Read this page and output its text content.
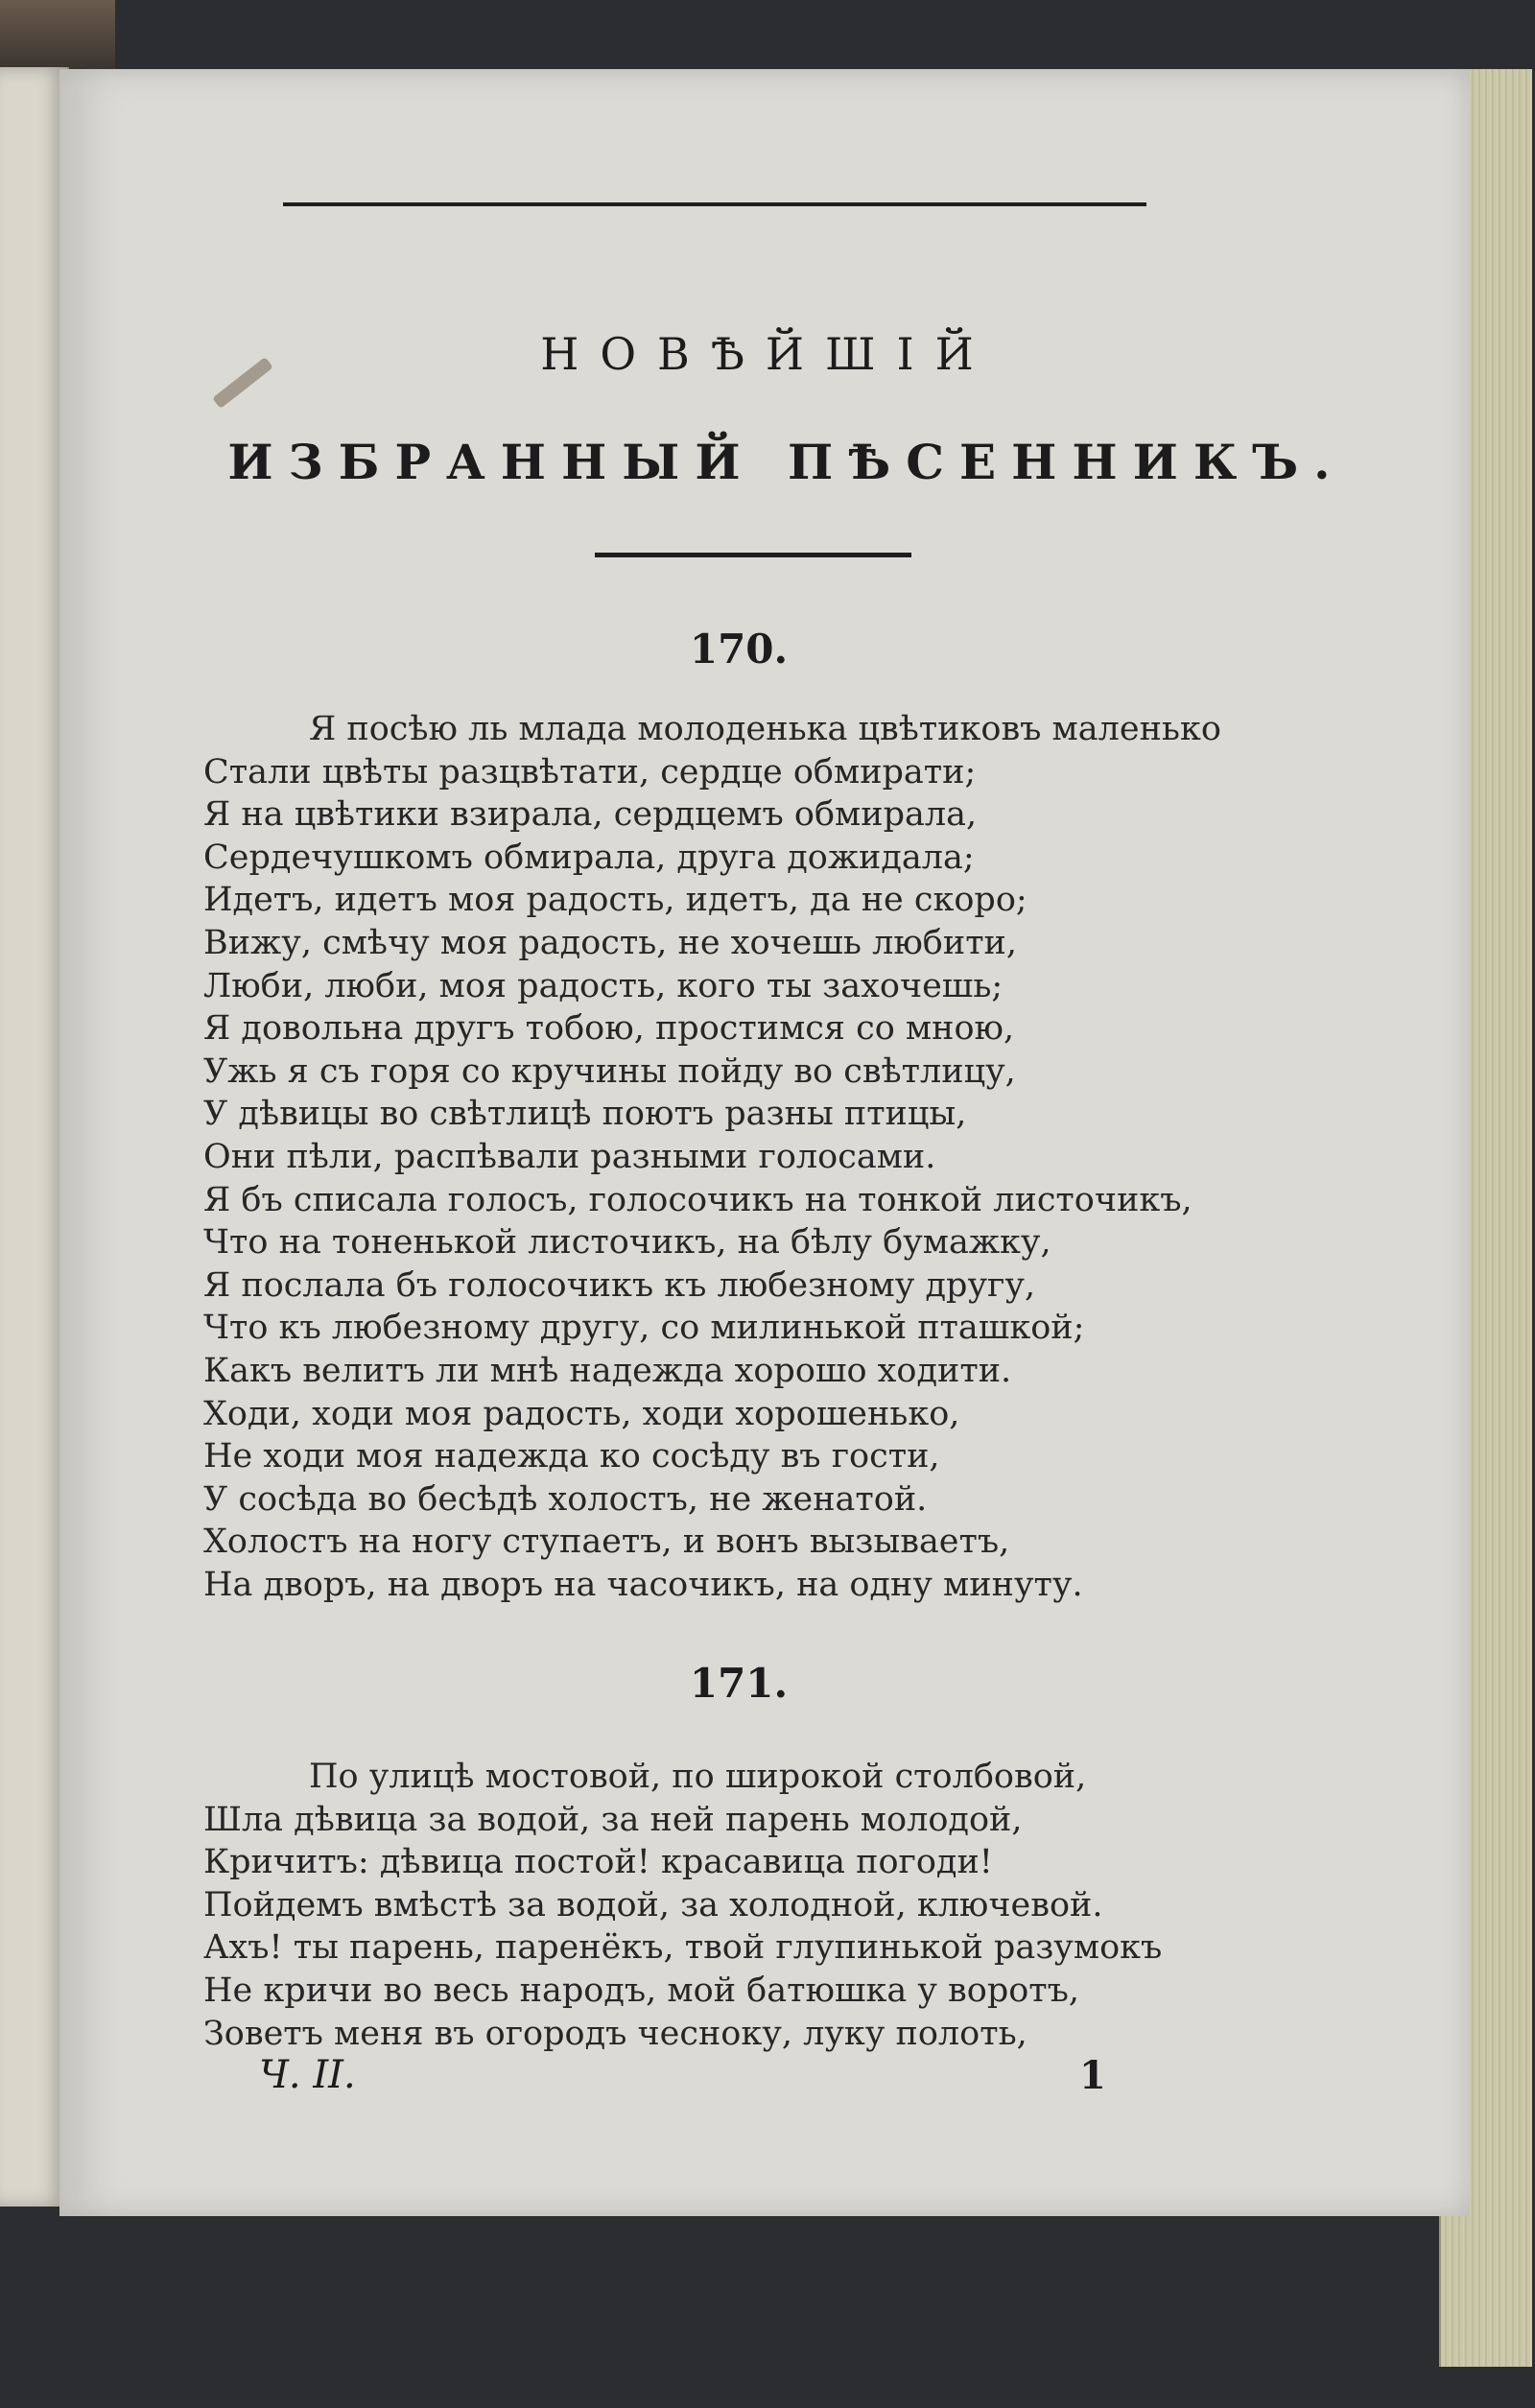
НОВѢЙШІЙ
ИЗБРАННЫЙ ПѢСЕННИКЪ.
170.
Я посѣю ль млада молоденька цвѣтиковъ маленько
Стали цвѣты разцвѣтати, сердце обмирати;
Я на цвѣтики взирала, сердцемъ обмирала,
Сердечушкомъ обмирала, друга дожидала;
Идетъ, идетъ моя радость, идетъ, да не скоро;
Вижу, смѣчу моя радость, не хочешь любити,
Люби, люби, моя радость, кого ты захочешь;
Я довольна другъ тобою, простимся со мною,
Ужь я съ горя со кручины пойду во свѣтлицу,
У дѣвицы во свѣтлицѣ поютъ разны птицы,
Они пѣли, распѣвали разными голосами.
Я бъ списала голосъ, голосочикъ на тонкой листочикъ,
Что на тоненькой листочикъ, на бѣлу бумажку,
Я послала бъ голосочикъ къ любезному другу,
Что къ любезному другу, со милинькой пташкой;
Какъ велитъ ли мнѣ надежда хорошо ходити.
Ходи, ходи моя радость, ходи хорошенько,
Не ходи моя надежда ко сосѣду въ гости,
У сосѣда во бесѣдѣ холостъ, не женатой.
Холостъ на ногу ступаетъ, и вонъ вызываетъ,
На дворъ, на дворъ на часочикъ, на одну минуту.
171.
По улицѣ мостовой, по широкой столбовой,
Шла дѣвица за водой, за ней парень молодой,
Кричитъ: дѣвица постой! красавица погоди!
Пойдемъ вмѣстѣ за водой, за холодной, ключевой.
Ахъ! ты парень, паренёкъ, твой глупинькой разумокъ
Не кричи во весь народъ, мой батюшка у воротъ,
Зоветъ меня въ огородъ чесноку, луку полоть,
Ч. II.	1
